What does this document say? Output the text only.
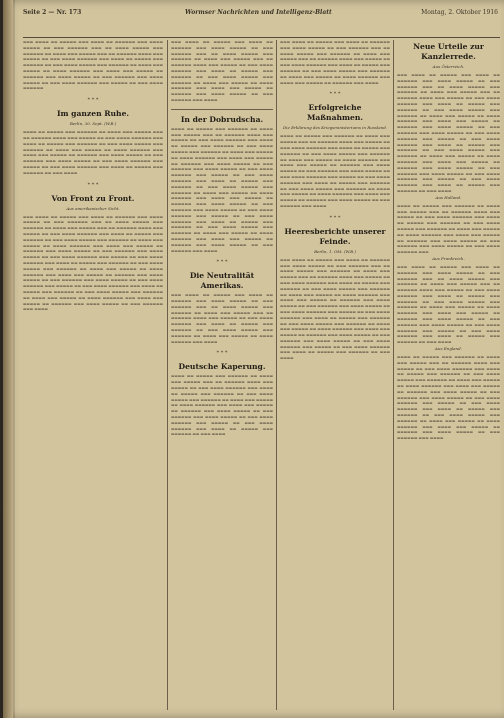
Seite 2 — Nr. 173	Wormser Nachrichten und Intelligenz-Blatt	Montag, 2. Oktober 1916
▬▬▬ ▬▬▬▬ ▬▬ ▬▬▬▬▬ ▬▬▬ ▬▬▬▬ ▬▬ ▬▬▬▬▬▬ ▬▬▬ ▬▬▬▬ ▬▬▬▬▬ ▬▬ ▬▬▬ ▬▬▬▬▬▬ ▬▬▬ ▬▬ ▬▬▬▬ ▬▬▬▬▬ ▬▬▬ ▬▬▬▬▬▬ ▬▬ ▬▬▬▬ ▬▬▬ ▬▬▬▬▬ ▬▬▬ ▬▬ ▬▬▬▬▬▬ ▬▬▬▬ ▬▬▬ ▬▬▬▬▬ ▬▬ ▬▬▬ ▬▬▬▬ ▬▬▬▬▬▬ ▬▬▬ ▬▬▬▬ ▬▬ ▬▬▬▬▬ ▬▬▬ ▬▬▬▬▬▬ ▬▬ ▬▬▬ ▬▬▬▬ ▬▬▬▬▬ ▬▬▬ ▬▬▬▬▬▬ ▬▬ ▬▬▬▬ ▬▬▬ ▬▬▬▬▬ ▬▬ ▬▬▬▬ ▬▬▬▬▬▬ ▬▬▬ ▬▬▬▬ ▬▬▬ ▬▬▬▬▬ ▬▬ ▬▬▬▬▬▬ ▬▬▬ ▬▬▬▬ ▬▬▬▬▬ ▬▬ ▬▬▬ ▬▬▬▬▬▬ ▬▬▬ ▬▬▬▬ ▬▬▬▬▬ ▬▬ ▬▬▬ ▬▬▬▬ ▬▬▬▬▬▬ ▬▬▬ ▬▬▬▬▬ ▬▬ ▬▬▬ ▬▬▬▬ ▬▬▬▬▬▬
* * *
Im ganzen Ruhe.
Berlin, 30. Sept. (W.B.)
▬▬▬▬ ▬▬ ▬▬▬▬▬ ▬▬▬ ▬▬▬▬▬▬ ▬▬ ▬▬▬▬ ▬▬▬ ▬▬▬▬▬ ▬▬▬ ▬▬ ▬▬▬▬▬▬ ▬▬▬▬ ▬▬▬ ▬▬▬▬▬ ▬▬ ▬▬▬ ▬▬▬▬ ▬▬▬▬▬▬ ▬▬▬ ▬▬▬▬ ▬▬ ▬▬▬▬▬ ▬▬▬ ▬▬▬▬▬▬ ▬▬ ▬▬▬ ▬▬▬▬ ▬▬▬▬▬ ▬▬▬ ▬▬▬▬▬▬ ▬▬ ▬▬▬▬ ▬▬▬ ▬▬▬▬▬ ▬▬ ▬▬▬▬ ▬▬▬▬▬▬ ▬▬▬ ▬▬▬▬ ▬▬▬ ▬▬▬▬▬ ▬▬ ▬▬▬▬▬▬ ▬▬▬ ▬▬▬▬ ▬▬▬▬▬ ▬▬ ▬▬▬ ▬▬▬▬▬▬ ▬▬▬ ▬▬▬▬ ▬▬▬▬▬ ▬▬ ▬▬▬ ▬▬▬▬ ▬▬▬▬▬▬ ▬▬▬ ▬▬▬▬▬ ▬▬ ▬▬▬ ▬▬▬▬ ▬▬▬▬▬▬ ▬▬▬ ▬▬▬▬ ▬▬ ▬▬▬▬▬ ▬▬▬ ▬▬▬▬▬▬ ▬▬ ▬▬▬ ▬▬▬▬
* * *
Von Front zu Front.
Aus amerikanischer Sicht.
▬▬▬ ▬▬▬▬ ▬▬ ▬▬▬▬▬ ▬▬▬ ▬▬▬▬ ▬▬ ▬▬▬▬▬▬ ▬▬▬ ▬▬▬▬ ▬▬▬▬▬ ▬▬ ▬▬▬ ▬▬▬▬▬▬ ▬▬▬ ▬▬ ▬▬▬▬ ▬▬▬▬▬ ▬▬▬ ▬▬▬▬▬▬ ▬▬ ▬▬▬▬ ▬▬▬ ▬▬▬▬▬ ▬▬▬ ▬▬ ▬▬▬▬▬▬ ▬▬▬▬ ▬▬▬ ▬▬▬▬▬ ▬▬ ▬▬▬ ▬▬▬▬ ▬▬▬▬▬▬ ▬▬▬ ▬▬▬▬ ▬▬ ▬▬▬▬▬ ▬▬▬ ▬▬▬▬▬▬ ▬▬ ▬▬▬ ▬▬▬▬ ▬▬▬▬▬ ▬▬▬ ▬▬▬▬▬▬ ▬▬ ▬▬▬▬ ▬▬▬ ▬▬▬▬▬ ▬▬ ▬▬▬▬ ▬▬▬▬▬▬ ▬▬▬ ▬▬▬▬ ▬▬▬ ▬▬▬▬▬ ▬▬ ▬▬▬▬▬▬ ▬▬▬ ▬▬▬▬ ▬▬▬▬▬ ▬▬ ▬▬▬ ▬▬▬▬▬▬ ▬▬▬ ▬▬▬▬ ▬▬▬▬▬ ▬▬ ▬▬▬ ▬▬▬▬ ▬▬▬▬▬▬ ▬▬▬ ▬▬▬▬▬ ▬▬ ▬▬▬ ▬▬▬▬ ▬▬▬▬▬▬ ▬▬▬ ▬▬▬▬ ▬▬ ▬▬▬▬▬ ▬▬▬ ▬▬▬▬▬▬ ▬▬ ▬▬▬ ▬▬▬▬ ▬▬▬▬▬ ▬▬▬ ▬▬▬▬▬▬ ▬▬ ▬▬▬▬ ▬▬▬ ▬▬▬▬▬ ▬▬ ▬▬▬▬ ▬▬▬▬▬▬ ▬▬▬ ▬▬▬▬ ▬▬▬ ▬▬▬▬▬ ▬▬ ▬▬▬▬▬▬ ▬▬▬ ▬▬▬▬ ▬▬▬▬▬ ▬▬ ▬▬▬ ▬▬▬▬▬▬ ▬▬▬ ▬▬▬▬ ▬▬▬▬▬ ▬▬ ▬▬▬ ▬▬▬▬ ▬▬▬▬▬▬ ▬▬▬ ▬▬▬▬▬ ▬▬ ▬▬▬ ▬▬▬▬ ▬▬▬▬▬▬ ▬▬▬ ▬▬▬▬ ▬▬ ▬▬▬▬▬ ▬▬▬ ▬▬▬▬▬▬ ▬▬ ▬▬▬ ▬▬▬▬ ▬▬▬▬▬ ▬▬▬ ▬▬▬▬▬▬ ▬▬ ▬▬▬▬ ▬▬▬ ▬▬▬▬▬ ▬▬ ▬▬▬▬ ▬▬▬▬▬▬ ▬▬▬ ▬▬▬▬ ▬▬▬ ▬▬▬▬▬ ▬▬ ▬▬▬▬▬▬ ▬▬▬ ▬▬▬▬ ▬▬▬▬▬ ▬▬ ▬▬▬ ▬▬▬▬▬▬ ▬▬▬ ▬▬▬▬
▬▬▬ ▬▬▬▬ ▬▬ ▬▬▬▬▬ ▬▬▬ ▬▬▬▬ ▬▬ ▬▬▬▬▬▬ ▬▬▬ ▬▬▬▬ ▬▬▬▬▬ ▬▬ ▬▬▬ ▬▬▬▬▬▬ ▬▬▬ ▬▬ ▬▬▬▬ ▬▬▬▬▬ ▬▬▬ ▬▬▬▬▬▬ ▬▬ ▬▬▬▬ ▬▬▬ ▬▬▬▬▬ ▬▬▬ ▬▬ ▬▬▬▬▬▬ ▬▬▬▬ ▬▬▬ ▬▬▬▬▬ ▬▬ ▬▬▬ ▬▬▬▬ ▬▬▬▬▬▬ ▬▬▬ ▬▬▬▬ ▬▬ ▬▬▬▬▬ ▬▬▬ ▬▬▬▬▬▬ ▬▬ ▬▬▬ ▬▬▬▬ ▬▬▬▬▬ ▬▬▬ ▬▬▬▬▬▬ ▬▬ ▬▬▬▬ ▬▬▬ ▬▬▬▬▬ ▬▬ ▬▬▬▬ ▬▬▬▬▬▬ ▬▬▬ ▬▬▬▬ ▬▬▬ ▬▬▬▬▬ ▬▬ ▬▬▬▬▬▬ ▬▬▬ ▬▬▬▬ ▬▬▬▬▬ ▬▬ ▬▬▬ ▬▬▬▬▬▬ ▬▬▬ ▬▬▬▬
In der Dobrudscha.
▬▬▬▬ ▬▬ ▬▬▬▬▬ ▬▬▬ ▬▬▬▬▬▬ ▬▬ ▬▬▬▬ ▬▬▬ ▬▬▬▬▬ ▬▬▬ ▬▬ ▬▬▬▬▬▬ ▬▬▬▬ ▬▬▬ ▬▬▬▬▬ ▬▬ ▬▬▬ ▬▬▬▬ ▬▬▬▬▬▬ ▬▬▬ ▬▬▬▬ ▬▬ ▬▬▬▬▬ ▬▬▬ ▬▬▬▬▬▬ ▬▬ ▬▬▬ ▬▬▬▬ ▬▬▬▬▬ ▬▬▬ ▬▬▬▬▬▬ ▬▬ ▬▬▬▬ ▬▬▬ ▬▬▬▬▬ ▬▬ ▬▬▬▬ ▬▬▬▬▬▬ ▬▬▬ ▬▬▬▬ ▬▬▬ ▬▬▬▬▬ ▬▬ ▬▬▬▬▬▬ ▬▬▬ ▬▬▬▬ ▬▬▬▬▬ ▬▬ ▬▬▬ ▬▬▬▬▬▬ ▬▬▬ ▬▬▬▬ ▬▬▬▬▬ ▬▬ ▬▬▬ ▬▬▬▬ ▬▬▬▬▬▬ ▬▬▬ ▬▬▬▬▬ ▬▬ ▬▬▬ ▬▬▬▬ ▬▬▬▬▬▬ ▬▬▬ ▬▬▬▬ ▬▬ ▬▬▬▬▬ ▬▬▬ ▬▬▬▬▬▬ ▬▬ ▬▬▬ ▬▬▬▬ ▬▬▬▬▬ ▬▬▬ ▬▬▬▬▬▬ ▬▬ ▬▬▬▬ ▬▬▬ ▬▬▬▬▬ ▬▬ ▬▬▬▬ ▬▬▬▬▬▬ ▬▬▬ ▬▬▬▬ ▬▬▬ ▬▬▬▬▬ ▬▬ ▬▬▬▬▬▬ ▬▬▬ ▬▬▬▬ ▬▬▬▬▬ ▬▬ ▬▬▬ ▬▬▬▬▬▬ ▬▬▬ ▬▬▬▬ ▬▬▬▬▬ ▬▬ ▬▬▬ ▬▬▬▬ ▬▬▬▬▬▬ ▬▬▬ ▬▬▬▬▬ ▬▬ ▬▬▬ ▬▬▬▬ ▬▬▬▬▬▬ ▬▬▬ ▬▬▬▬ ▬▬ ▬▬▬▬▬ ▬▬▬ ▬▬▬▬▬▬ ▬▬ ▬▬▬ ▬▬▬▬ ▬▬▬▬▬ ▬▬▬ ▬▬▬▬▬▬ ▬▬ ▬▬▬▬ ▬▬▬ ▬▬▬▬▬ ▬▬ ▬▬▬▬ ▬▬▬▬▬▬ ▬▬▬ ▬▬▬▬ ▬▬▬ ▬▬▬▬▬ ▬▬ ▬▬▬▬▬▬ ▬▬▬ ▬▬▬▬ ▬▬▬▬▬ ▬▬ ▬▬▬ ▬▬▬▬▬▬ ▬▬▬ ▬▬▬▬
* * *
Die Neutralität Amerikas.
▬▬▬ ▬▬▬▬ ▬▬ ▬▬▬▬▬ ▬▬▬ ▬▬▬▬ ▬▬ ▬▬▬▬▬▬ ▬▬▬ ▬▬▬▬ ▬▬▬▬▬ ▬▬ ▬▬▬ ▬▬▬▬▬▬ ▬▬▬ ▬▬ ▬▬▬▬ ▬▬▬▬▬ ▬▬▬ ▬▬▬▬▬▬ ▬▬ ▬▬▬▬ ▬▬▬ ▬▬▬▬▬ ▬▬▬ ▬▬ ▬▬▬▬▬▬ ▬▬▬▬ ▬▬▬ ▬▬▬▬▬ ▬▬ ▬▬▬ ▬▬▬▬ ▬▬▬▬▬▬ ▬▬▬ ▬▬▬▬ ▬▬ ▬▬▬▬▬ ▬▬▬ ▬▬▬▬▬▬ ▬▬ ▬▬▬ ▬▬▬▬ ▬▬▬▬▬ ▬▬▬ ▬▬▬▬▬▬ ▬▬ ▬▬▬▬ ▬▬▬ ▬▬▬▬▬ ▬▬ ▬▬▬▬ ▬▬▬▬▬▬ ▬▬▬ ▬▬▬▬
* * *
Deutsche Kaperung.
▬▬▬▬ ▬▬ ▬▬▬▬▬ ▬▬▬ ▬▬▬▬▬▬ ▬▬ ▬▬▬▬ ▬▬▬ ▬▬▬▬▬ ▬▬▬ ▬▬ ▬▬▬▬▬▬ ▬▬▬▬ ▬▬▬ ▬▬▬▬▬ ▬▬ ▬▬▬ ▬▬▬▬ ▬▬▬▬▬▬ ▬▬▬ ▬▬▬▬ ▬▬ ▬▬▬▬▬ ▬▬▬ ▬▬▬▬▬▬ ▬▬ ▬▬▬ ▬▬▬▬ ▬▬▬▬▬ ▬▬▬ ▬▬▬▬▬▬ ▬▬ ▬▬▬▬ ▬▬▬ ▬▬▬▬▬ ▬▬ ▬▬▬▬ ▬▬▬▬▬▬ ▬▬▬ ▬▬▬▬ ▬▬▬ ▬▬▬▬▬ ▬▬ ▬▬▬▬▬▬ ▬▬▬ ▬▬▬▬ ▬▬▬▬▬ ▬▬ ▬▬▬ ▬▬▬▬▬▬ ▬▬▬ ▬▬▬▬ ▬▬▬▬▬ ▬▬ ▬▬▬ ▬▬▬▬ ▬▬▬▬▬▬ ▬▬▬ ▬▬▬▬▬ ▬▬ ▬▬▬ ▬▬▬▬ ▬▬▬▬▬▬ ▬▬▬ ▬▬▬▬ ▬▬ ▬▬▬▬▬ ▬▬▬ ▬▬▬▬▬▬ ▬▬ ▬▬▬ ▬▬▬▬
▬▬▬ ▬▬▬▬ ▬▬ ▬▬▬▬▬ ▬▬▬ ▬▬▬▬ ▬▬ ▬▬▬▬▬▬ ▬▬▬ ▬▬▬▬ ▬▬▬▬▬ ▬▬ ▬▬▬ ▬▬▬▬▬▬ ▬▬▬ ▬▬ ▬▬▬▬ ▬▬▬▬▬ ▬▬▬ ▬▬▬▬▬▬ ▬▬ ▬▬▬▬ ▬▬▬ ▬▬▬▬▬ ▬▬▬ ▬▬ ▬▬▬▬▬▬ ▬▬▬▬ ▬▬▬ ▬▬▬▬▬ ▬▬ ▬▬▬ ▬▬▬▬ ▬▬▬▬▬▬ ▬▬▬ ▬▬▬▬ ▬▬ ▬▬▬▬▬ ▬▬▬ ▬▬▬▬▬▬ ▬▬ ▬▬▬ ▬▬▬▬ ▬▬▬▬▬ ▬▬▬ ▬▬▬▬▬▬ ▬▬ ▬▬▬▬ ▬▬▬ ▬▬▬▬▬ ▬▬ ▬▬▬▬ ▬▬▬▬▬▬ ▬▬▬ ▬▬▬▬ ▬▬▬ ▬▬▬▬▬ ▬▬ ▬▬▬▬▬▬ ▬▬▬ ▬▬▬▬
* * *
Erfolgreiche Maßnahmen.
Die Erklärung des Kriegsministeriums in Russland.
▬▬▬▬ ▬▬ ▬▬▬▬▬ ▬▬▬ ▬▬▬▬▬▬ ▬▬ ▬▬▬▬ ▬▬▬ ▬▬▬▬▬ ▬▬▬ ▬▬ ▬▬▬▬▬▬ ▬▬▬▬ ▬▬▬ ▬▬▬▬▬ ▬▬ ▬▬▬ ▬▬▬▬ ▬▬▬▬▬▬ ▬▬▬ ▬▬▬▬ ▬▬ ▬▬▬▬▬ ▬▬▬ ▬▬▬▬▬▬ ▬▬ ▬▬▬ ▬▬▬▬ ▬▬▬▬▬ ▬▬▬ ▬▬▬▬▬▬ ▬▬ ▬▬▬▬ ▬▬▬ ▬▬▬▬▬ ▬▬ ▬▬▬▬ ▬▬▬▬▬▬ ▬▬▬ ▬▬▬▬ ▬▬▬ ▬▬▬▬▬ ▬▬ ▬▬▬▬▬▬ ▬▬▬ ▬▬▬▬ ▬▬▬▬▬ ▬▬ ▬▬▬ ▬▬▬▬▬▬ ▬▬▬ ▬▬▬▬ ▬▬▬▬▬ ▬▬ ▬▬▬ ▬▬▬▬ ▬▬▬▬▬▬ ▬▬▬ ▬▬▬▬▬ ▬▬ ▬▬▬ ▬▬▬▬ ▬▬▬▬▬▬ ▬▬▬ ▬▬▬▬ ▬▬ ▬▬▬▬▬ ▬▬▬ ▬▬▬▬▬▬ ▬▬ ▬▬▬ ▬▬▬▬ ▬▬▬▬▬ ▬▬▬ ▬▬▬▬▬▬ ▬▬ ▬▬▬▬ ▬▬▬ ▬▬▬▬▬ ▬▬ ▬▬▬▬ ▬▬▬▬▬▬ ▬▬▬ ▬▬▬▬ ▬▬▬ ▬▬▬▬▬ ▬▬ ▬▬▬▬▬▬ ▬▬▬ ▬▬▬▬ ▬▬▬▬▬ ▬▬ ▬▬▬ ▬▬▬▬▬▬ ▬▬▬ ▬▬▬▬
* * *
Heeresberichte unserer Feinde.
Berlin, 1. Okt. (W.B.)
▬▬▬ ▬▬▬▬ ▬▬ ▬▬▬▬▬ ▬▬▬ ▬▬▬▬ ▬▬ ▬▬▬▬▬▬ ▬▬▬ ▬▬▬▬ ▬▬▬▬▬ ▬▬ ▬▬▬ ▬▬▬▬▬▬ ▬▬▬ ▬▬ ▬▬▬▬ ▬▬▬▬▬ ▬▬▬ ▬▬▬▬▬▬ ▬▬ ▬▬▬▬ ▬▬▬ ▬▬▬▬▬ ▬▬▬ ▬▬ ▬▬▬▬▬▬ ▬▬▬▬ ▬▬▬ ▬▬▬▬▬ ▬▬ ▬▬▬ ▬▬▬▬ ▬▬▬▬▬▬ ▬▬▬ ▬▬▬▬ ▬▬ ▬▬▬▬▬ ▬▬▬ ▬▬▬▬▬▬ ▬▬ ▬▬▬ ▬▬▬▬ ▬▬▬▬▬ ▬▬▬ ▬▬▬▬▬▬ ▬▬ ▬▬▬▬ ▬▬▬ ▬▬▬▬▬ ▬▬ ▬▬▬▬ ▬▬▬▬▬▬ ▬▬▬ ▬▬▬▬ ▬▬▬ ▬▬▬▬▬ ▬▬ ▬▬▬▬▬▬ ▬▬▬ ▬▬▬▬ ▬▬▬▬▬ ▬▬ ▬▬▬ ▬▬▬▬▬▬ ▬▬▬ ▬▬▬▬ ▬▬▬▬▬ ▬▬ ▬▬▬ ▬▬▬▬ ▬▬▬▬▬▬ ▬▬▬ ▬▬▬▬▬ ▬▬ ▬▬▬ ▬▬▬▬ ▬▬▬▬▬▬ ▬▬▬ ▬▬▬▬ ▬▬ ▬▬▬▬▬ ▬▬▬ ▬▬▬▬▬▬ ▬▬ ▬▬▬ ▬▬▬▬ ▬▬▬▬▬ ▬▬▬ ▬▬▬▬▬▬ ▬▬ ▬▬▬▬ ▬▬▬ ▬▬▬▬▬ ▬▬ ▬▬▬▬ ▬▬▬▬▬▬ ▬▬▬ ▬▬▬▬ ▬▬▬ ▬▬▬▬▬ ▬▬ ▬▬▬▬▬▬ ▬▬▬ ▬▬▬▬ ▬▬▬▬▬ ▬▬ ▬▬▬ ▬▬▬▬▬▬ ▬▬▬ ▬▬▬▬ ▬▬▬▬▬ ▬▬ ▬▬▬ ▬▬▬▬ ▬▬▬▬▬▬ ▬▬▬ ▬▬▬▬▬ ▬▬ ▬▬▬ ▬▬▬▬ ▬▬▬▬▬▬ ▬▬▬ ▬▬▬▬ ▬▬ ▬▬▬▬▬ ▬▬▬ ▬▬▬▬▬▬ ▬▬ ▬▬▬ ▬▬▬▬
Neue Urteile zur Kanzlerrede.
Aus Österreich.
▬▬▬ ▬▬▬▬ ▬▬ ▬▬▬▬▬ ▬▬▬ ▬▬▬▬ ▬▬ ▬▬▬▬▬▬ ▬▬▬ ▬▬▬▬ ▬▬▬▬▬ ▬▬ ▬▬▬ ▬▬▬▬▬▬ ▬▬▬ ▬▬ ▬▬▬▬ ▬▬▬▬▬ ▬▬▬ ▬▬▬▬▬▬ ▬▬ ▬▬▬▬ ▬▬▬ ▬▬▬▬▬ ▬▬▬ ▬▬ ▬▬▬▬▬▬ ▬▬▬▬ ▬▬▬ ▬▬▬▬▬ ▬▬ ▬▬▬ ▬▬▬▬ ▬▬▬▬▬▬ ▬▬▬ ▬▬▬▬ ▬▬ ▬▬▬▬▬ ▬▬▬ ▬▬▬▬▬▬ ▬▬ ▬▬▬ ▬▬▬▬ ▬▬▬▬▬ ▬▬▬ ▬▬▬▬▬▬ ▬▬ ▬▬▬▬ ▬▬▬ ▬▬▬▬▬ ▬▬ ▬▬▬▬ ▬▬▬▬▬▬ ▬▬▬ ▬▬▬▬ ▬▬▬ ▬▬▬▬▬ ▬▬ ▬▬▬▬▬▬ ▬▬▬ ▬▬▬▬ ▬▬▬▬▬ ▬▬ ▬▬▬ ▬▬▬▬▬▬ ▬▬▬ ▬▬▬▬ ▬▬▬▬▬ ▬▬ ▬▬▬ ▬▬▬▬ ▬▬▬▬▬▬ ▬▬▬ ▬▬▬▬▬ ▬▬ ▬▬▬ ▬▬▬▬ ▬▬▬▬▬▬ ▬▬▬ ▬▬▬▬ ▬▬ ▬▬▬▬▬ ▬▬▬ ▬▬▬▬▬▬ ▬▬ ▬▬▬ ▬▬▬▬ ▬▬▬▬▬ ▬▬▬ ▬▬▬▬▬▬ ▬▬ ▬▬▬▬ ▬▬▬ ▬▬▬▬▬ ▬▬ ▬▬▬▬ ▬▬▬▬▬▬ ▬▬▬ ▬▬▬▬ ▬▬▬ ▬▬▬▬▬ ▬▬ ▬▬▬▬▬▬ ▬▬▬ ▬▬▬▬ ▬▬▬▬▬ ▬▬ ▬▬▬ ▬▬▬▬▬▬ ▬▬▬ ▬▬▬▬ ▬▬▬▬▬ ▬▬ ▬▬▬ ▬▬▬▬ ▬▬▬▬▬▬ ▬▬▬ ▬▬▬▬▬ ▬▬ ▬▬▬ ▬▬▬▬ ▬▬▬▬▬▬ ▬▬▬ ▬▬▬▬ ▬▬ ▬▬▬▬▬ ▬▬▬ ▬▬▬▬▬▬ ▬▬ ▬▬▬ ▬▬▬▬
Aus Holland.
▬▬▬▬ ▬▬ ▬▬▬▬▬ ▬▬▬ ▬▬▬▬▬▬ ▬▬ ▬▬▬▬ ▬▬▬ ▬▬▬▬▬ ▬▬▬ ▬▬ ▬▬▬▬▬▬ ▬▬▬▬ ▬▬▬ ▬▬▬▬▬ ▬▬ ▬▬▬ ▬▬▬▬ ▬▬▬▬▬▬ ▬▬▬ ▬▬▬▬ ▬▬ ▬▬▬▬▬ ▬▬▬ ▬▬▬▬▬▬ ▬▬ ▬▬▬ ▬▬▬▬ ▬▬▬▬▬ ▬▬▬ ▬▬▬▬▬▬ ▬▬ ▬▬▬▬ ▬▬▬ ▬▬▬▬▬ ▬▬ ▬▬▬▬ ▬▬▬▬▬▬ ▬▬▬ ▬▬▬▬ ▬▬▬ ▬▬▬▬▬ ▬▬ ▬▬▬▬▬▬ ▬▬▬ ▬▬▬▬ ▬▬▬▬▬ ▬▬ ▬▬▬ ▬▬▬▬▬▬ ▬▬▬ ▬▬▬▬ ▬▬▬▬▬ ▬▬ ▬▬▬ ▬▬▬▬ ▬▬▬▬▬▬ ▬▬▬
Aus Frankreich.
▬▬▬ ▬▬▬▬ ▬▬ ▬▬▬▬▬ ▬▬▬ ▬▬▬▬ ▬▬ ▬▬▬▬▬▬ ▬▬▬ ▬▬▬▬ ▬▬▬▬▬ ▬▬ ▬▬▬ ▬▬▬▬▬▬ ▬▬▬ ▬▬ ▬▬▬▬ ▬▬▬▬▬ ▬▬▬ ▬▬▬▬▬▬ ▬▬ ▬▬▬▬ ▬▬▬ ▬▬▬▬▬ ▬▬▬ ▬▬ ▬▬▬▬▬▬ ▬▬▬▬ ▬▬▬ ▬▬▬▬▬ ▬▬ ▬▬▬ ▬▬▬▬ ▬▬▬▬▬▬ ▬▬▬ ▬▬▬▬ ▬▬ ▬▬▬▬▬ ▬▬▬ ▬▬▬▬▬▬ ▬▬ ▬▬▬ ▬▬▬▬ ▬▬▬▬▬ ▬▬▬ ▬▬▬▬▬▬ ▬▬ ▬▬▬▬ ▬▬▬ ▬▬▬▬▬ ▬▬ ▬▬▬▬ ▬▬▬▬▬▬ ▬▬▬ ▬▬▬▬ ▬▬▬ ▬▬▬▬▬ ▬▬ ▬▬▬▬▬▬ ▬▬▬ ▬▬▬▬ ▬▬▬▬▬ ▬▬ ▬▬▬ ▬▬▬▬▬▬ ▬▬▬ ▬▬▬▬ ▬▬▬▬▬ ▬▬ ▬▬▬ ▬▬▬▬ ▬▬▬▬▬▬ ▬▬▬ ▬▬▬▬▬ ▬▬ ▬▬▬ ▬▬▬▬ ▬▬▬▬▬▬ ▬▬▬ ▬▬▬▬ ▬▬ ▬▬▬▬▬ ▬▬▬ ▬▬▬▬▬▬ ▬▬ ▬▬▬ ▬▬▬▬
Aus England.
▬▬▬▬ ▬▬ ▬▬▬▬▬ ▬▬▬ ▬▬▬▬▬▬ ▬▬ ▬▬▬▬ ▬▬▬ ▬▬▬▬▬ ▬▬▬ ▬▬ ▬▬▬▬▬▬ ▬▬▬▬ ▬▬▬ ▬▬▬▬▬ ▬▬ ▬▬▬ ▬▬▬▬ ▬▬▬▬▬▬ ▬▬▬ ▬▬▬▬ ▬▬ ▬▬▬▬▬ ▬▬▬ ▬▬▬▬▬▬ ▬▬ ▬▬▬ ▬▬▬▬ ▬▬▬▬▬ ▬▬▬ ▬▬▬▬▬▬ ▬▬ ▬▬▬▬ ▬▬▬ ▬▬▬▬▬ ▬▬ ▬▬▬▬ ▬▬▬▬▬▬ ▬▬▬ ▬▬▬▬ ▬▬▬ ▬▬▬▬▬ ▬▬ ▬▬▬▬▬▬ ▬▬▬ ▬▬▬▬ ▬▬▬▬▬ ▬▬ ▬▬▬ ▬▬▬▬▬▬ ▬▬▬ ▬▬▬▬ ▬▬▬▬▬ ▬▬ ▬▬▬ ▬▬▬▬ ▬▬▬▬▬▬ ▬▬▬ ▬▬▬▬▬ ▬▬ ▬▬▬ ▬▬▬▬ ▬▬▬▬▬▬ ▬▬▬ ▬▬▬▬ ▬▬ ▬▬▬▬▬ ▬▬▬ ▬▬▬▬▬▬ ▬▬ ▬▬▬ ▬▬▬▬ ▬▬▬▬▬ ▬▬▬ ▬▬▬▬▬▬ ▬▬ ▬▬▬▬ ▬▬▬ ▬▬▬▬▬ ▬▬ ▬▬▬▬ ▬▬▬▬▬▬ ▬▬▬ ▬▬▬▬ ▬▬▬ ▬▬▬▬▬ ▬▬ ▬▬▬▬▬▬ ▬▬▬ ▬▬▬▬ ▬▬▬▬▬ ▬▬ ▬▬▬ ▬▬▬▬▬▬ ▬▬▬ ▬▬▬▬
